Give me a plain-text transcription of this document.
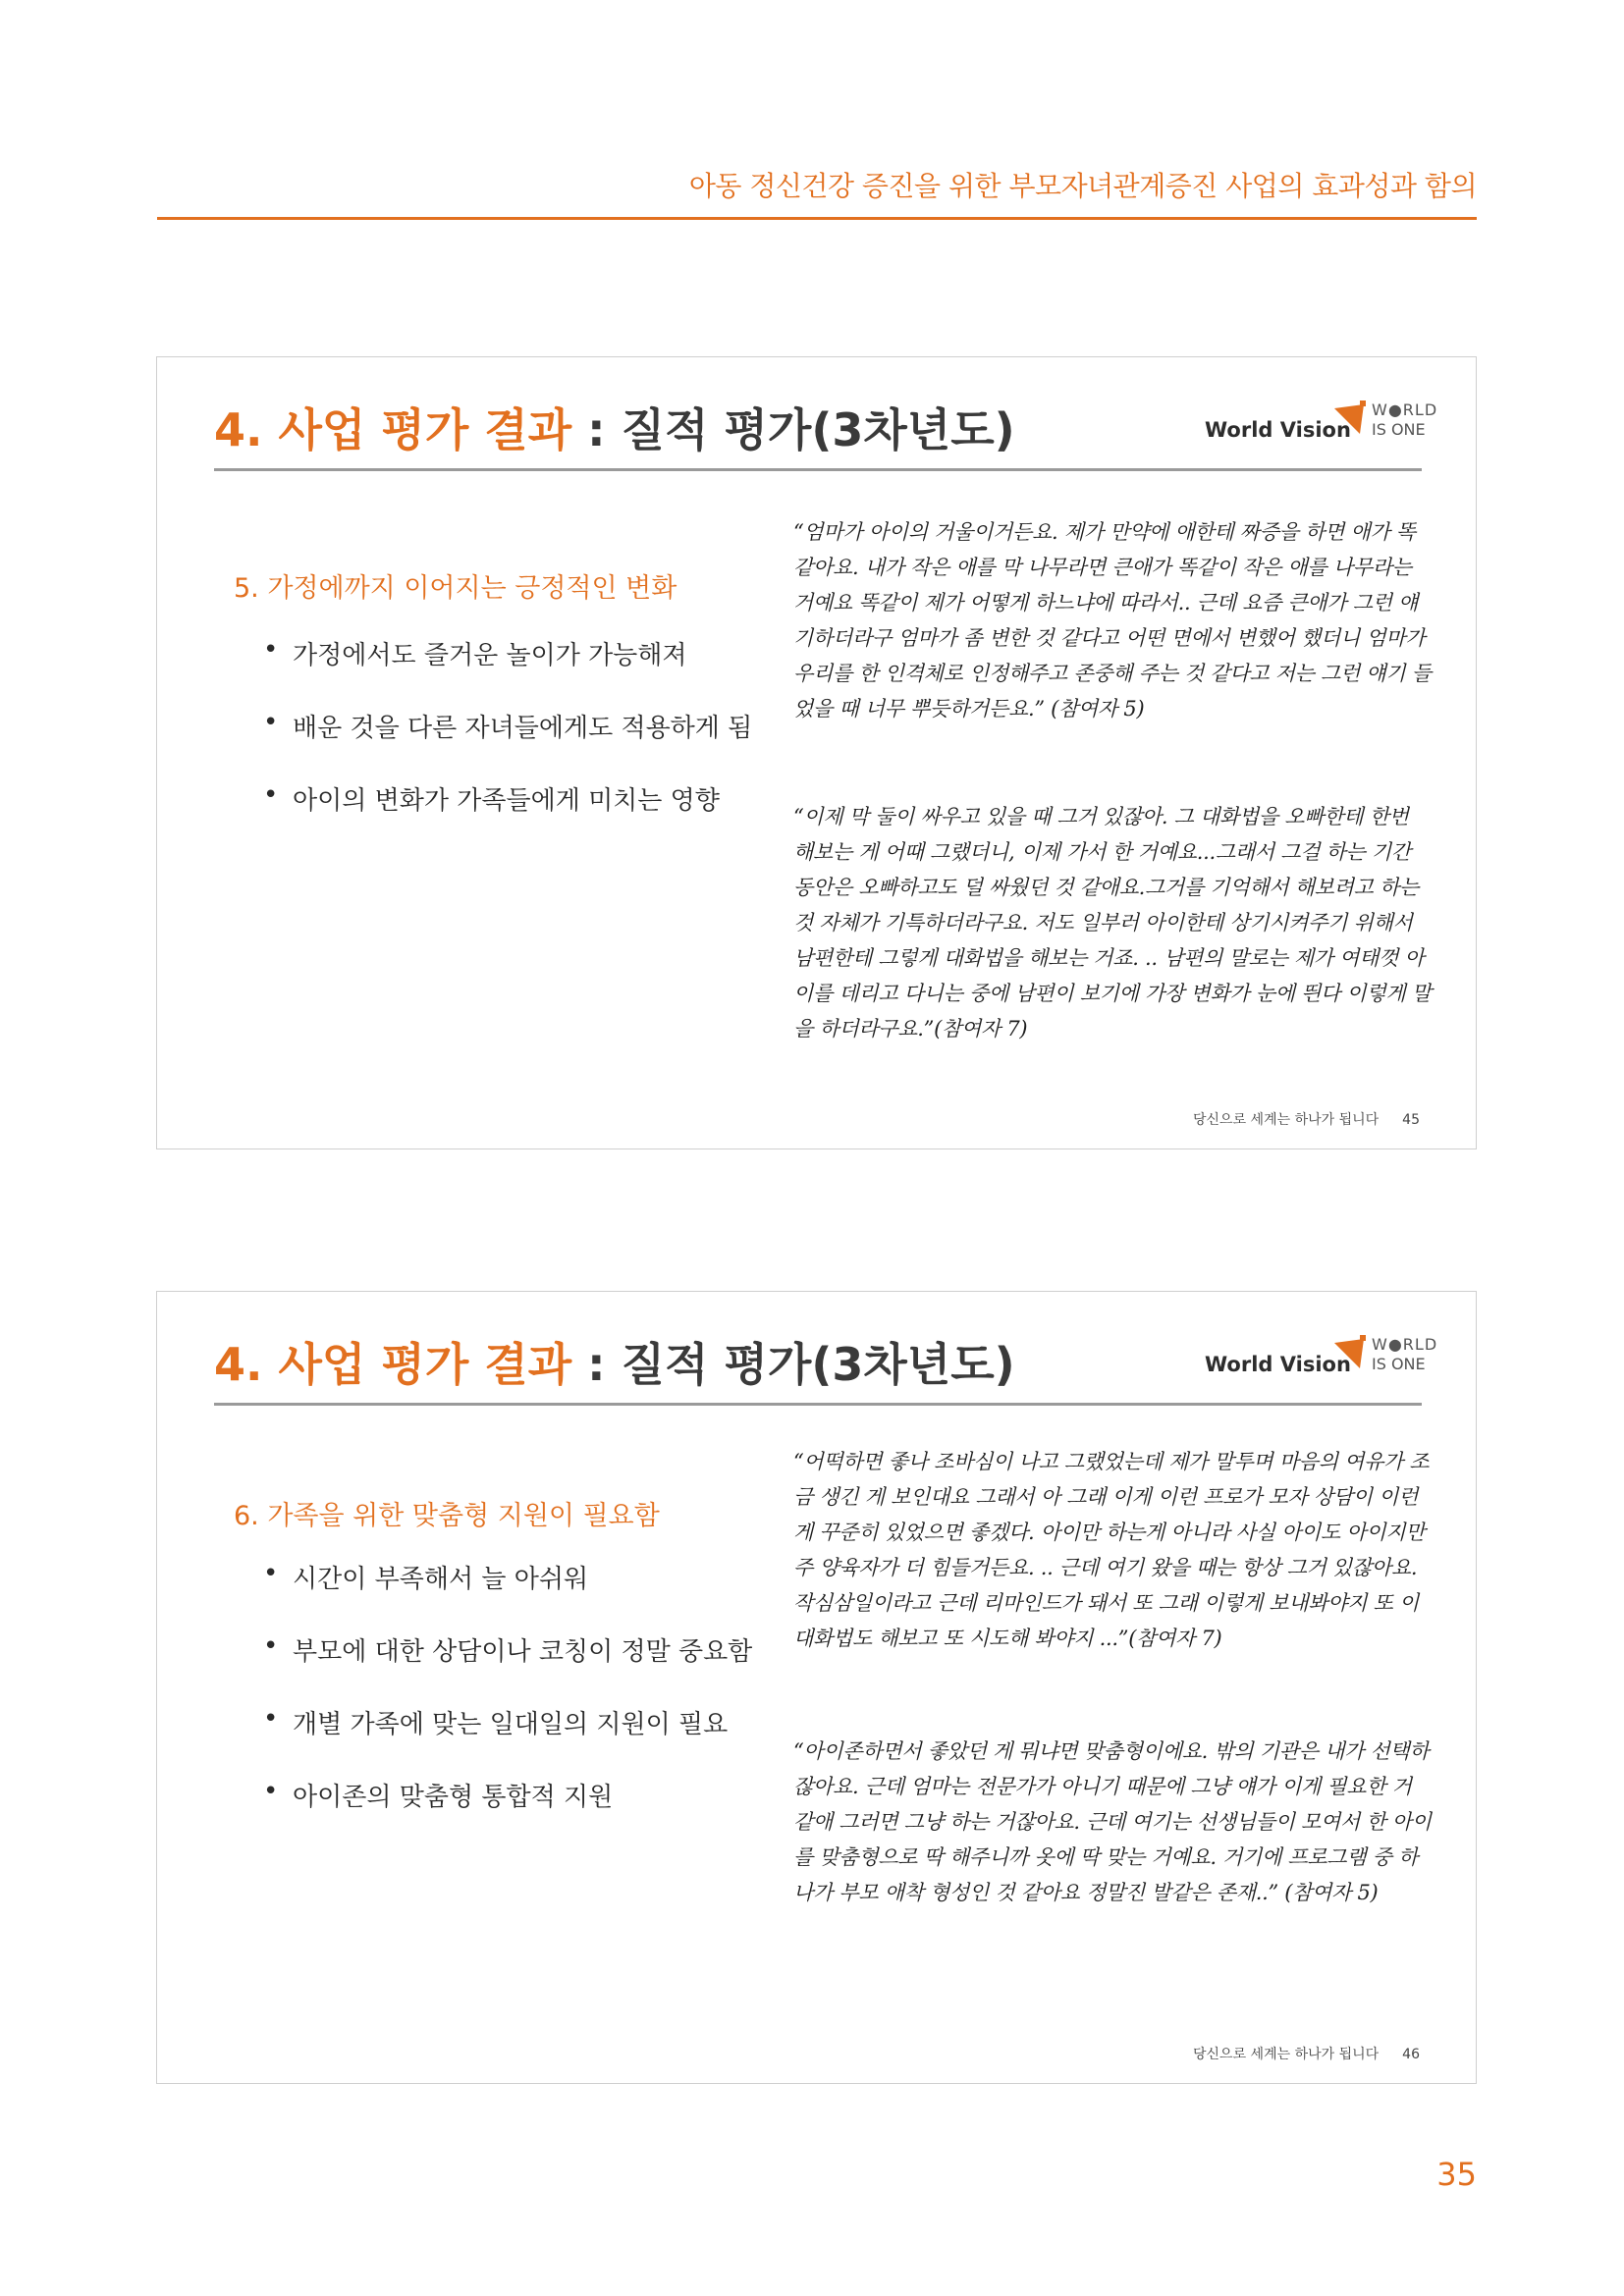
아동 정신건강 증진을 위한 부모자녀관계증진 사업의 효과성과 함의
4. 사업 평가 결과 : 질적 평가(3차년도)	World Vision
W●RLD
IS ONE
5. 가정에까지 이어지는 긍정적인 변화
• 가정에서도 즐거운 놀이가 가능해져
• 배운 것을 다른 자녀들에게도 적용하게 됨
• 아이의 변화가 가족들에게 미치는 영향

“엄마가 아이의 거울이거든요. 제가 만약에 애한테 짜증을 하면 애가 똑같아요. 내가 작은 애를 막 나무라면 큰애가 똑같이 작은 애를 나무라는 거예요 똑같이 제가 어떻게 하느냐에 따라서.. 근데 요즘 큰애가 그런 얘기하더라구 엄마가 좀 변한 것 같다고 어떤 면에서 변했어 했더니 엄마가 우리를 한 인격체로 인정해주고 존중해 주는 것 같다고 저는 그런 얘기 들었을 때 너무 뿌듯하거든요.” (참여자 5)

“이제 막 둘이 싸우고 있을 때 그거 있잖아. 그 대화법을 오빠한테 한번 해보는 게 어때 그랬더니, 이제 가서 한 거예요...그래서 그걸 하는 기간 동안은 오빠하고도 덜 싸웠던 것 같애요.그거를 기억해서 해보려고 하는 것 자체가 기특하더라구요. 저도 일부러 아이한테 상기시켜주기 위해서 남편한테 그렇게 대화법을 해보는 거죠. .. 남편의 말로는 제가 여태껏 아이를 데리고 다니는 중에 남편이 보기에 가장 변화가 눈에 띈다 이렇게 말을 하더라구요.”(참여자 7)

당신으로 세계는 하나가 됩니다 45
4. 사업 평가 결과 : 질적 평가(3차년도)	World Vision
W●RLD
IS ONE
6. 가족을 위한 맞춤형 지원이 필요함
• 시간이 부족해서 늘 아쉬워
• 부모에 대한 상담이나 코칭이 정말 중요함
• 개별 가족에 맞는 일대일의 지원이 필요
• 아이존의 맞춤형 통합적 지원

“어떡하면 좋나 조바심이 나고 그랬었는데 제가 말투며 마음의 여유가 조금 생긴 게 보인대요 그래서 아 그래 이게 이런 프로가 모자 상담이 이런 게 꾸준히 있었으면 좋겠다. 아이만 하는게 아니라 사실 아이도 아이지만 주 양육자가 더 힘들거든요. .. 근데 여기 왔을 때는 항상 그거 있잖아요. 작심삼일이라고 근데 리마인드가 돼서 또 그래 이렇게 보내봐야지 또 이 대화법도 해보고 또 시도해 봐야지 ...”(참여자 7)

“아이존하면서 좋았던 게 뭐냐면 맞춤형이에요. 밖의 기관은 내가 선택하잖아요. 근데 엄마는 전문가가 아니기 때문에 그냥 얘가 이게 필요한 거 같애 그러면 그냥 하는 거잖아요. 근데 여기는 선생님들이 모여서 한 아이를 맞춤형으로 딱 해주니까 옷에 딱 맞는 거예요. 거기에 프로그램 중 하나가 부모 애착 형성인 것 같아요 정말진 발같은 존재..” (참여자 5)

당신으로 세계는 하나가 됩니다 46
35
